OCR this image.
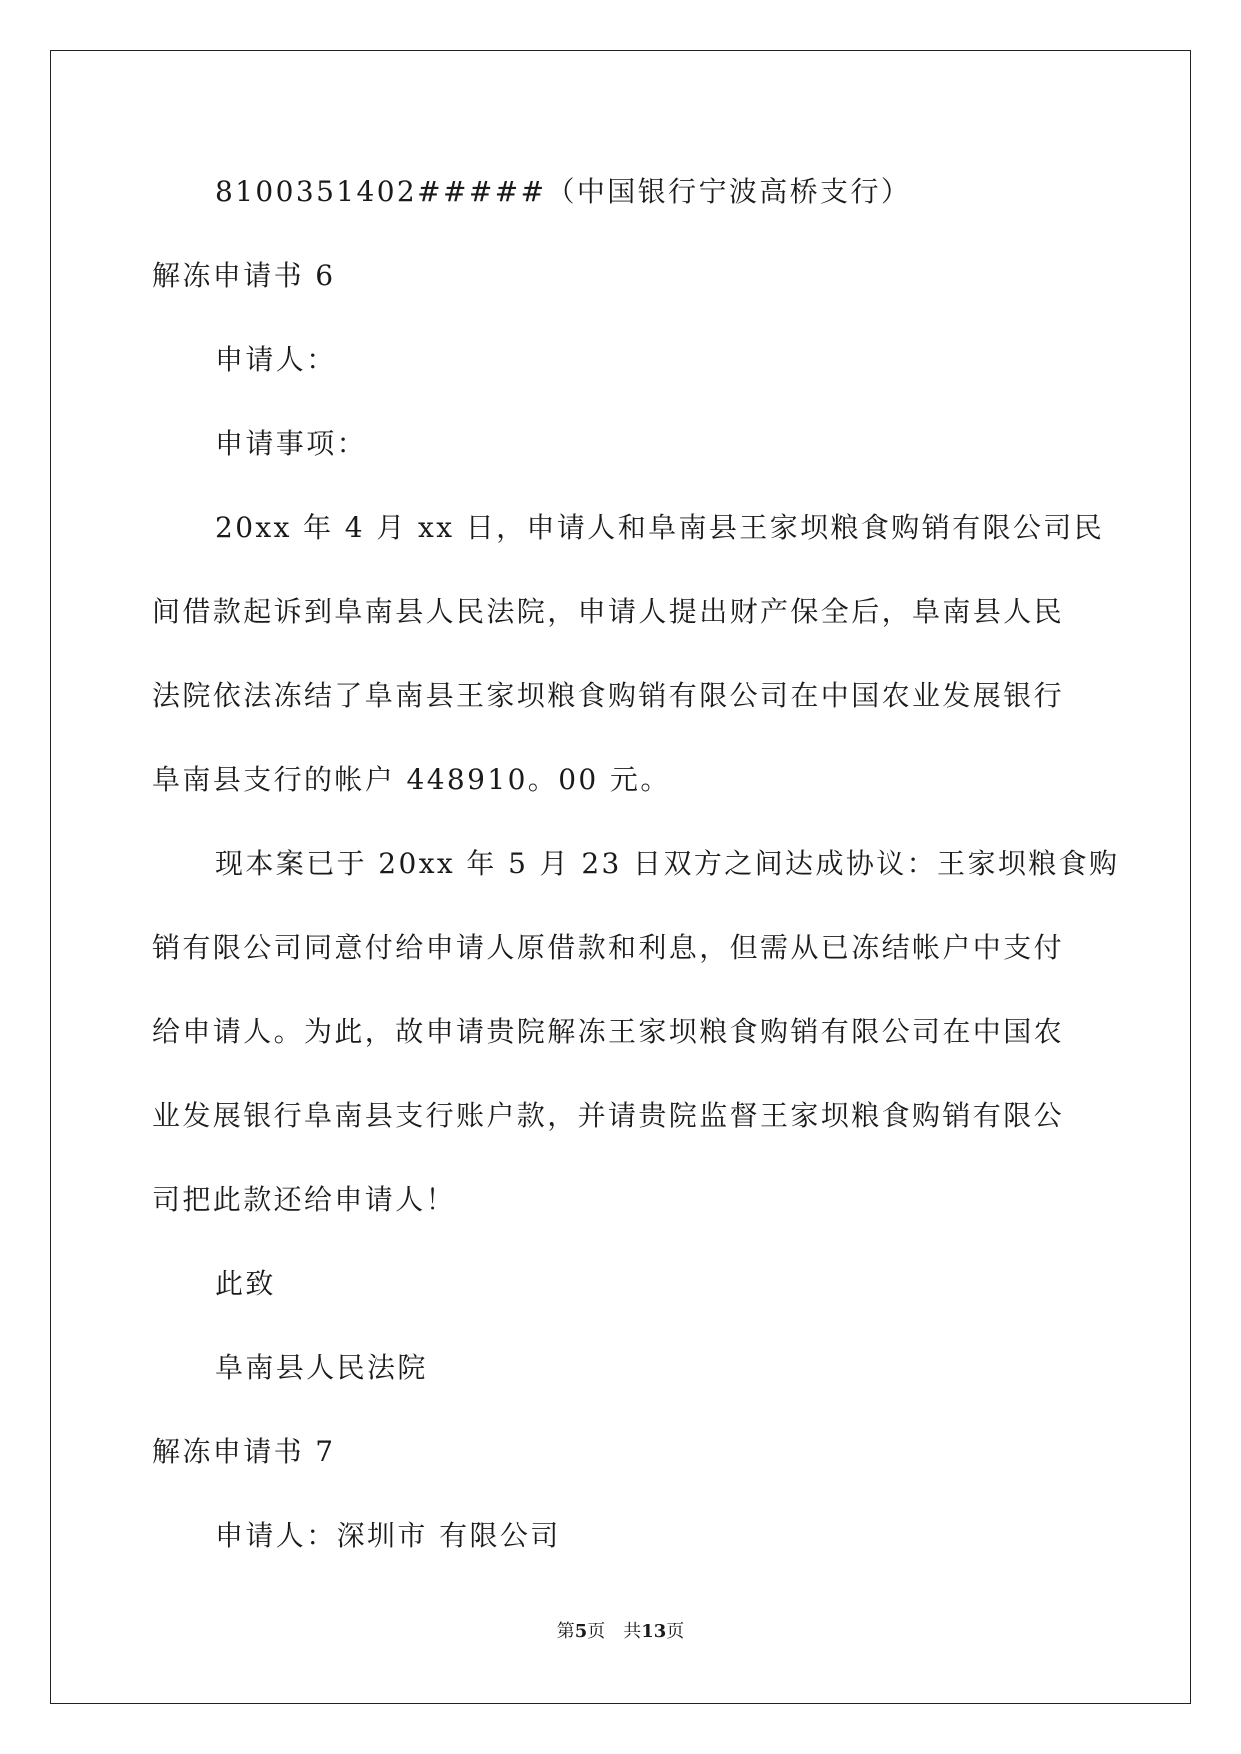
8100351402#####（中国银行宁波高桥支行）
解冻申请书 6
申请人：
申请事项：
20xx 年 4 月 xx 日，申请人和阜南县王家坝粮食购销有限公司民
间借款起诉到阜南县人民法院，申请人提出财产保全后，阜南县人民
法院依法冻结了阜南县王家坝粮食购销有限公司在中国农业发展银行
阜南县支行的帐户 448910。00 元。
现本案已于 20xx 年 5 月 23 日双方之间达成协议：王家坝粮食购
销有限公司同意付给申请人原借款和利息，但需从已冻结帐户中支付
给申请人。为此，故申请贵院解冻王家坝粮食购销有限公司在中国农
业发展银行阜南县支行账户款，并请贵院监督王家坝粮食购销有限公
司把此款还给申请人！
此致
阜南县人民法院
解冻申请书 7
申请人：深圳市 有限公司
第5页　共13页
